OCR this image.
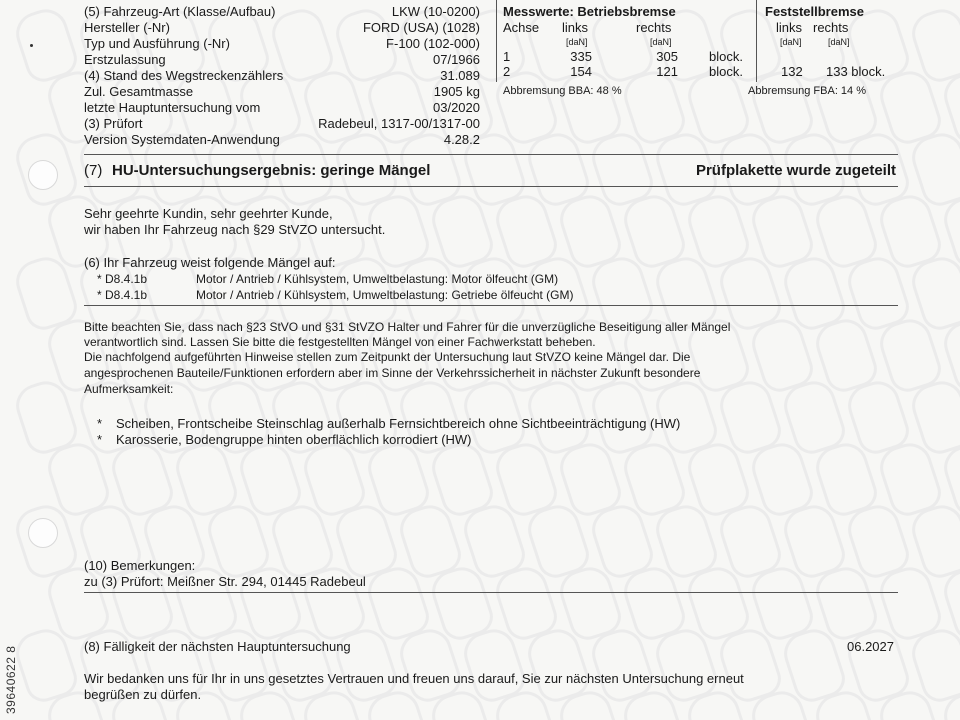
(5) Fahrzeug-Art (Klasse/Aufbau)	LKW (10-0200)
Hersteller (-Nr)	FORD (USA) (1028)
Typ und Ausführung (-Nr)	F-100 (102-000)
Erstzulassung	07/1966
(4) Stand des Wegstreckenzählers	31.089
Zul. Gesamtmasse	1905 kg
letzte Hauptuntersuchung vom	03/2020
(3) Prüfort	Radebeul, 1317-00/1317-00
Version Systemdaten-Anwendung	4.28.2
Messwerte: Betriebsbremse
Achse links	rechts
[daN]	[daN]
1	335	305 block.
2	154	121 block.
Abbremsung BBA: 48 %
Feststellbremse
links rechts
[daN]	[daN]
132 133 block.
Abbremsung FBA: 14 %
(7) HU-Untersuchungsergebnis: geringe Mängel	Prüfplakette wurde zugeteilt
Sehr geehrte Kundin, sehr geehrter Kunde,
wir haben Ihr Fahrzeug nach §29 StVZO untersucht.
(6) Ihr Fahrzeug weist folgende Mängel auf:
* D8.4.1b	Motor / Antrieb / Kühlsystem, Umweltbelastung: Motor ölfeucht (GM)
* D8.4.1b	Motor / Antrieb / Kühlsystem, Umweltbelastung: Getriebe ölfeucht (GM)
Bitte beachten Sie, dass nach §23 StVO und §31 StVZO Halter und Fahrer für die unverzügliche Beseitigung aller Mängel
verantwortlich sind. Lassen Sie bitte die festgestellten Mängel von einer Fachwerkstatt beheben.
Die nachfolgend aufgeführten Hinweise stellen zum Zeitpunkt der Untersuchung laut StVZO keine Mängel dar. Die
angesprochenen Bauteile/Funktionen erfordern aber im Sinne der Verkehrssicherheit in nächster Zukunft besondere
Aufmerksamkeit:
* Scheiben, Frontscheibe Steinschlag außerhalb Fernsichtbereich ohne Sichtbeeinträchtigung (HW)
* Karosserie, Bodengruppe hinten oberflächlich korrodiert (HW)
(10) Bemerkungen:
zu (3) Prüfort: Meißner Str. 294, 01445 Radebeul
(8) Fälligkeit der nächsten Hauptuntersuchung	06.2027
Wir bedanken uns für Ihr in uns gesetztes Vertrauen und freuen uns darauf, Sie zur nächsten Untersuchung erneut
begrüßen zu dürfen.
39640622 8
